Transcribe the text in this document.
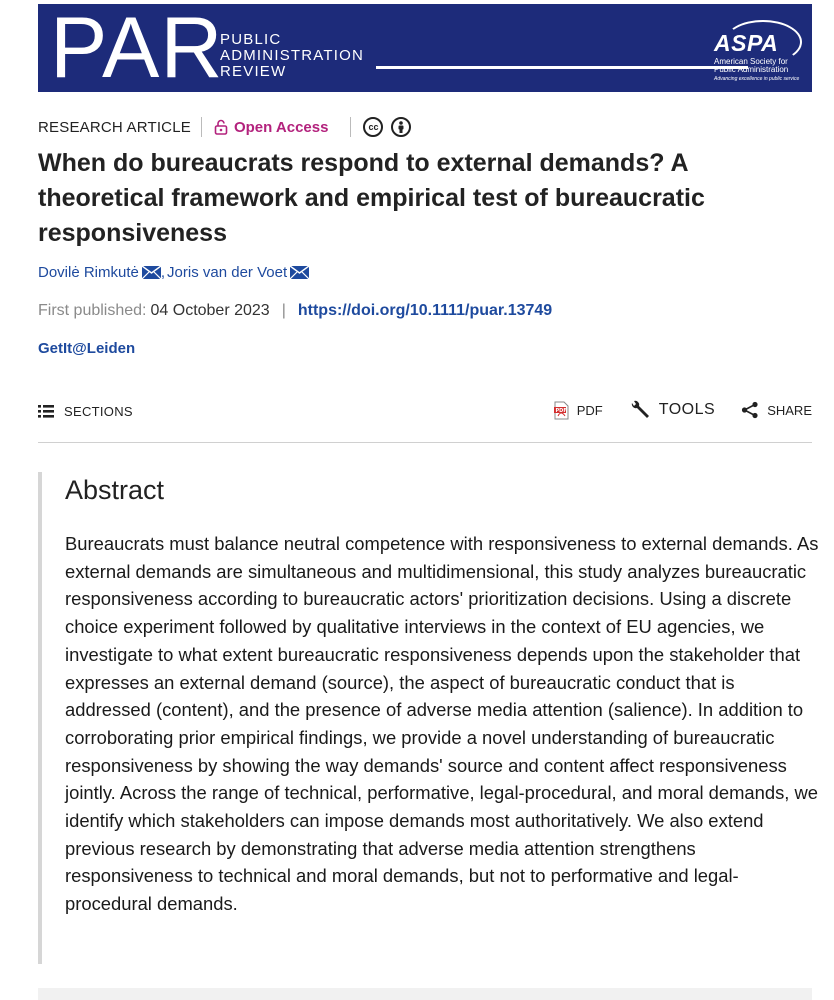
PAR
PUBLIC
ADMINISTRATION
REVIEW
ASPA
American Society for
Public Administration
Advancing excellence in public service
RESEARCH ARTICLE	Open Access	cc
When do bureaucrats respond to external demands? A theoretical framework and empirical test of bureaucratic responsiveness
Dovilė Rimkutė , Joris van der Voet
First published: 04 October 2023 | https://doi.org/10.1111/puar.13749
GetIt@Leiden
SECTIONS	PDF PDF	TOOLS	SHARE
Abstract

Bureaucrats must balance neutral competence with responsiveness to external demands. As external demands are simultaneous and multidimensional, this study analyzes bureaucratic responsiveness according to bureaucratic actors' prioritization decisions. Using a discrete choice experiment followed by qualitative interviews in the context of EU agencies, we investigate to what extent bureaucratic responsiveness depends upon the stakeholder that expresses an external demand (source), the aspect of bureaucratic conduct that is addressed (content), and the presence of adverse media attention (salience). In addition to corroborating prior empirical findings, we provide a novel understanding of bureaucratic responsiveness by showing the way demands' source and content affect responsiveness jointly. Across the range of technical, performative, legal-procedural, and moral demands, we identify which stakeholders can impose demands most authoritatively. We also extend previous research by demonstrating that adverse media attention strengthens responsiveness to technical and moral demands, but not to performative and legal-procedural demands.
